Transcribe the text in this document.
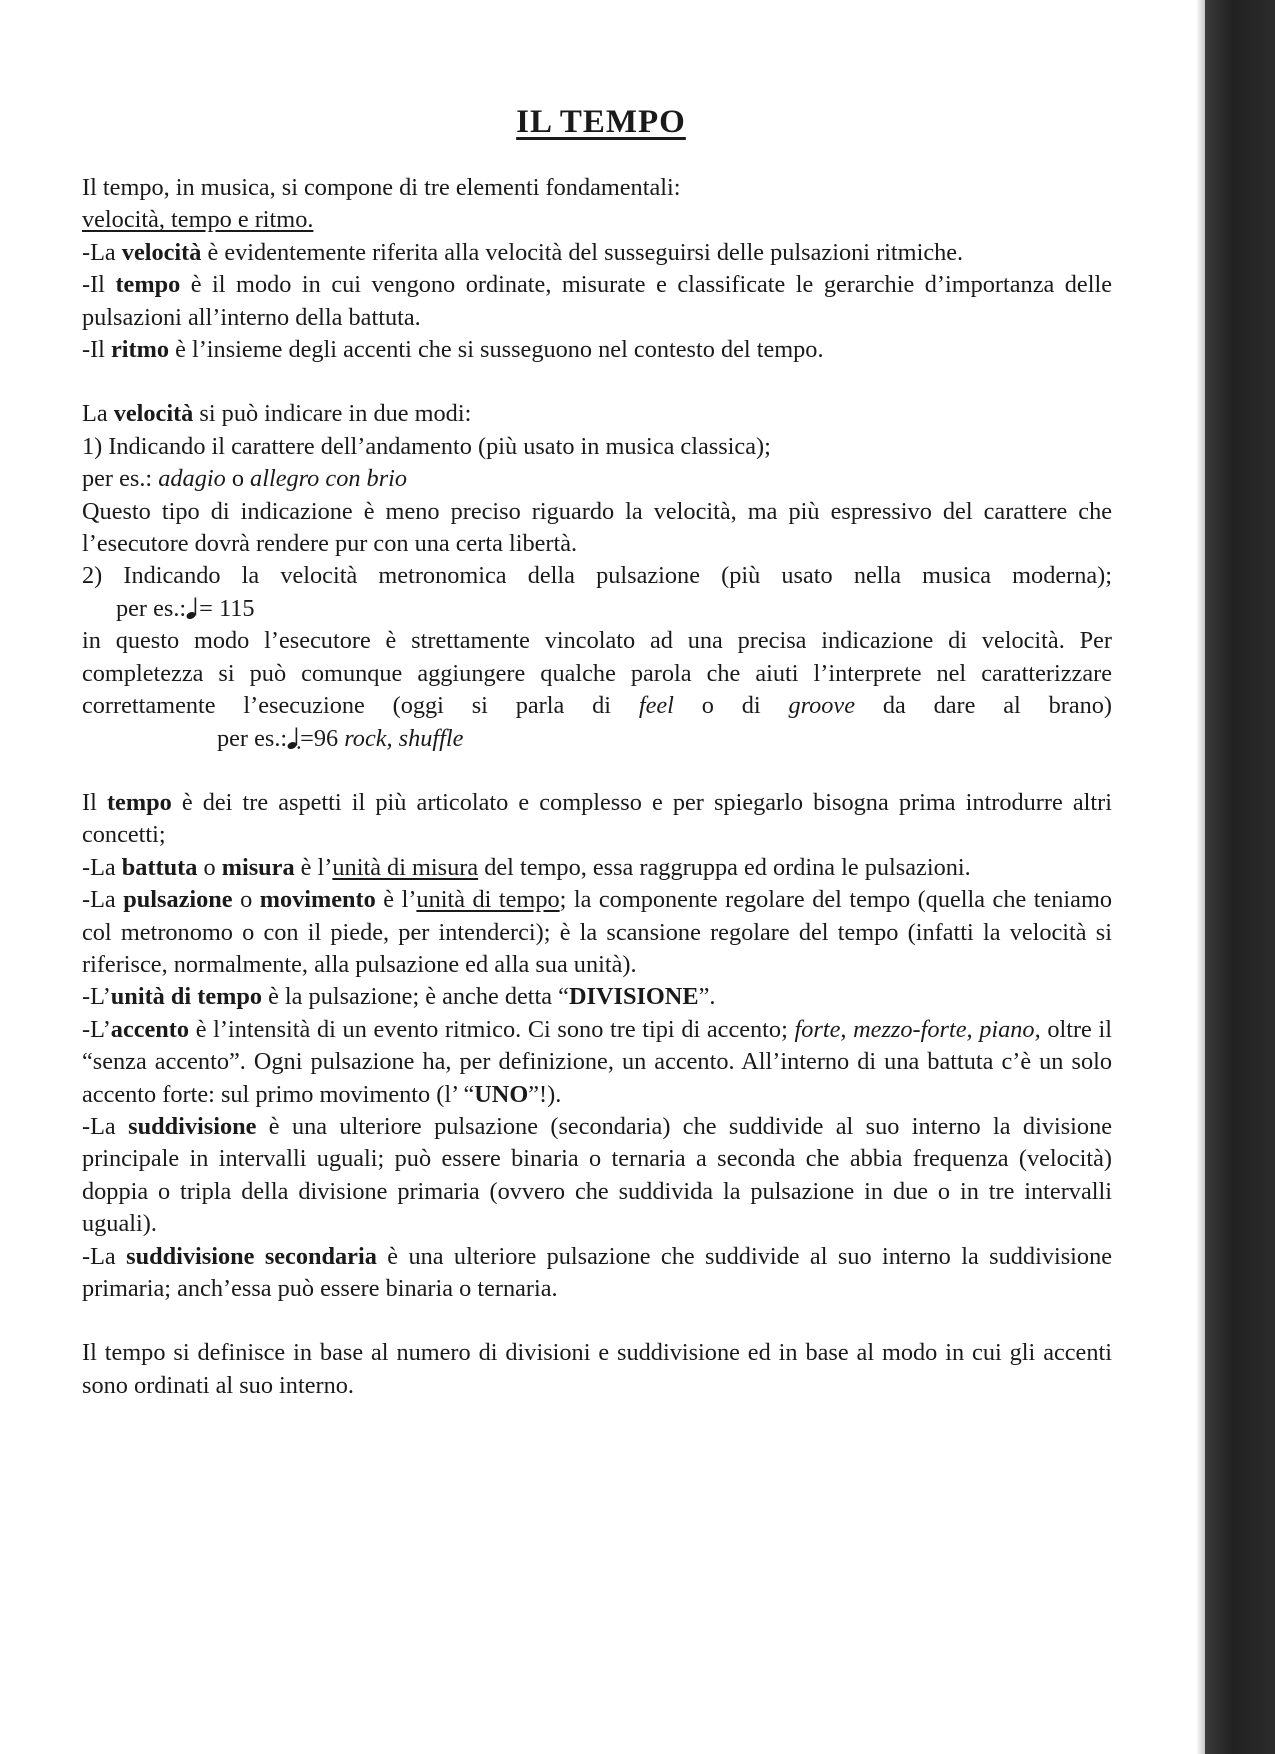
IL TEMPO

Il tempo, in musica, si compone di tre elementi fondamentali:
velocità, tempo e ritmo.

-La velocità è evidentemente riferita alla velocità del susseguirsi delle pulsazioni ritmiche.

-Il tempo è il modo in cui vengono ordinate, misurate e classificate le gerarchie d’importanza delle pulsazioni all’interno della battuta.

-Il ritmo è l’insieme degli accenti che si susseguono nel contesto del tempo.

La velocità si può indicare in due modi:

1) Indicando il carattere dell’andamento (più usato in musica classica);
per es.: adagio o allegro con brio

Questo tipo di indicazione è meno preciso riguardo la velocità, ma più espressivo del carattere che l’esecutore dovrà rendere pur con una certa libertà.

2) Indicando la velocità metronomica della pulsazione (più usato nella musica moderna);per es.: = 115

in questo modo l’esecutore è strettamente vincolato ad una precisa indicazione di velocità. Per completezza si può comunque aggiungere qualche parola che aiuti l’interprete nel caratterizzare correttamente l’esecuzione (oggi si parla di feel o di groove da dare al brano)per es.: =96 rock, shuffle

Il tempo è dei tre aspetti il più articolato e complesso e per spiegarlo bisogna prima introdurre altri concetti;

-La battuta o misura è l’unità di misura del tempo, essa raggruppa ed ordina le pulsazioni.

-La pulsazione o movimento è l’unità di tempo; la componente regolare del tempo (quella che teniamo col metronomo o con il piede, per intenderci); è la scansione regolare del tempo (infatti la velocità si riferisce, normalmente, alla pulsazione ed alla sua unità).

-L’unità di tempo è la pulsazione; è anche detta “DIVISIONE”.

-L’accento è l’intensità di un evento ritmico. Ci sono tre tipi di accento; forte, mezzo-forte, piano, oltre il “senza accento”. Ogni pulsazione ha, per definizione, un accento. All’interno di una battuta c’è un solo accento forte: sul primo movimento (l’ “UNO”!).

-La suddivisione è una ulteriore pulsazione (secondaria) che suddivide al suo interno la divisione principale in intervalli uguali; può essere binaria o ternaria a seconda che abbia frequenza (velocità) doppia o tripla della divisione primaria (ovvero che suddivida la pulsazione in due o in tre intervalli uguali).

-La suddivisione secondaria è una ulteriore pulsazione che suddivide al suo interno la suddivisione primaria; anch’essa può essere binaria o ternaria.

Il tempo si definisce in base al numero di divisioni e suddivisione ed in base al modo in cui gli accenti sono ordinati al suo interno.
